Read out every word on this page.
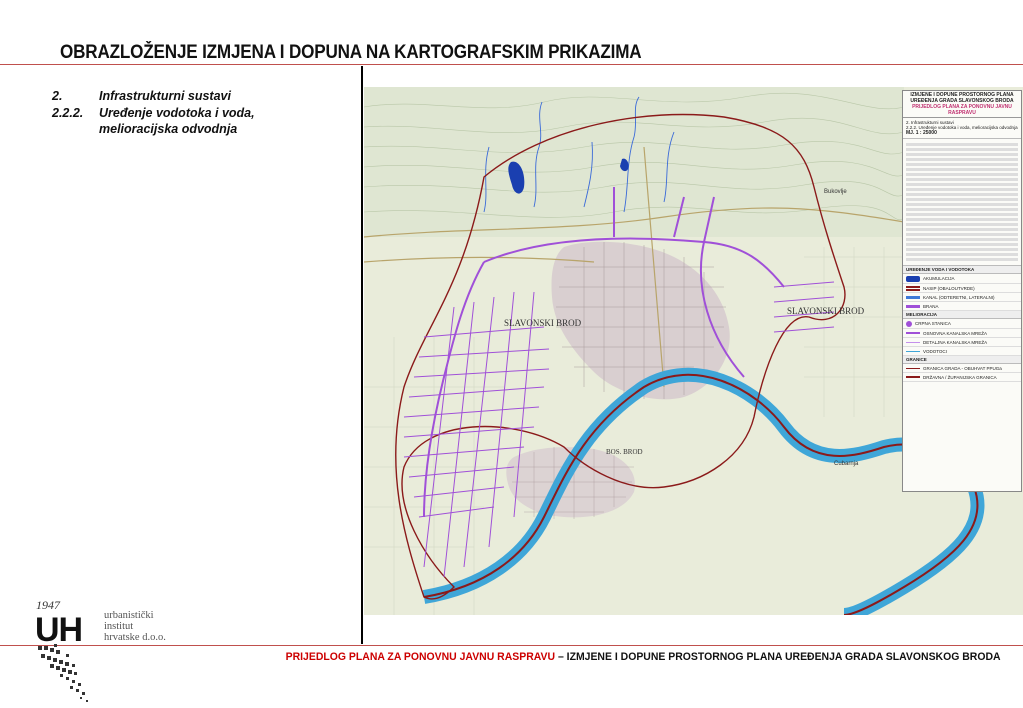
OBRAZLOŽENJE IZMJENA I DOPUNA NA KARTOGRAFSKIM PRIKAZIMA
2.	Infrastrukturni sustavi
2.2.2. Uređenje vodotoka i voda, melioracijska odvodnja
SLAVONSKI BROD
SLAVONSKI BROD
BOS. BROD
Bukovlje
Cubarnja
IZMJENE I DOPUNE PROSTORNOG PLANA
UREĐENJA GRADA SLAVONSKOG BRODA
PRIJEDLOG PLANA ZA PONOVNU JAVNU RASPRAVU
2. Infrastrukturni sustavi
2.2.2. Uređenje vodotoka i voda, melioracijska odvodnja
MJ. 1 : 25000
UREĐENJE VODA I VODOTOKA
AKUMULACIJA
NASIP (OBALOUTVRDE)
KANAL (ODTERETNI, LATERALNI)
BRANA
MELIORACIJA
CRPNA STANICA
OSNOVNA KANALSKA MREŽA
DETALJNA KANALSKA MREŽA
VODOTOCI
GRANICE
GRANICA GRADA - OBUHVAT PPUGa
DRŽAVNA / ŽUPANIJSKA GRANICA
1947
UH urbanistički
institut
hrvatske d.o.o.
PRIJEDLOG PLANA ZA PONOVNU JAVNU RASPRAVU – IZMJENE I DOPUNE PROSTORNOG PLANA UREĐENJA GRADA SLAVONSKOG BRODA
